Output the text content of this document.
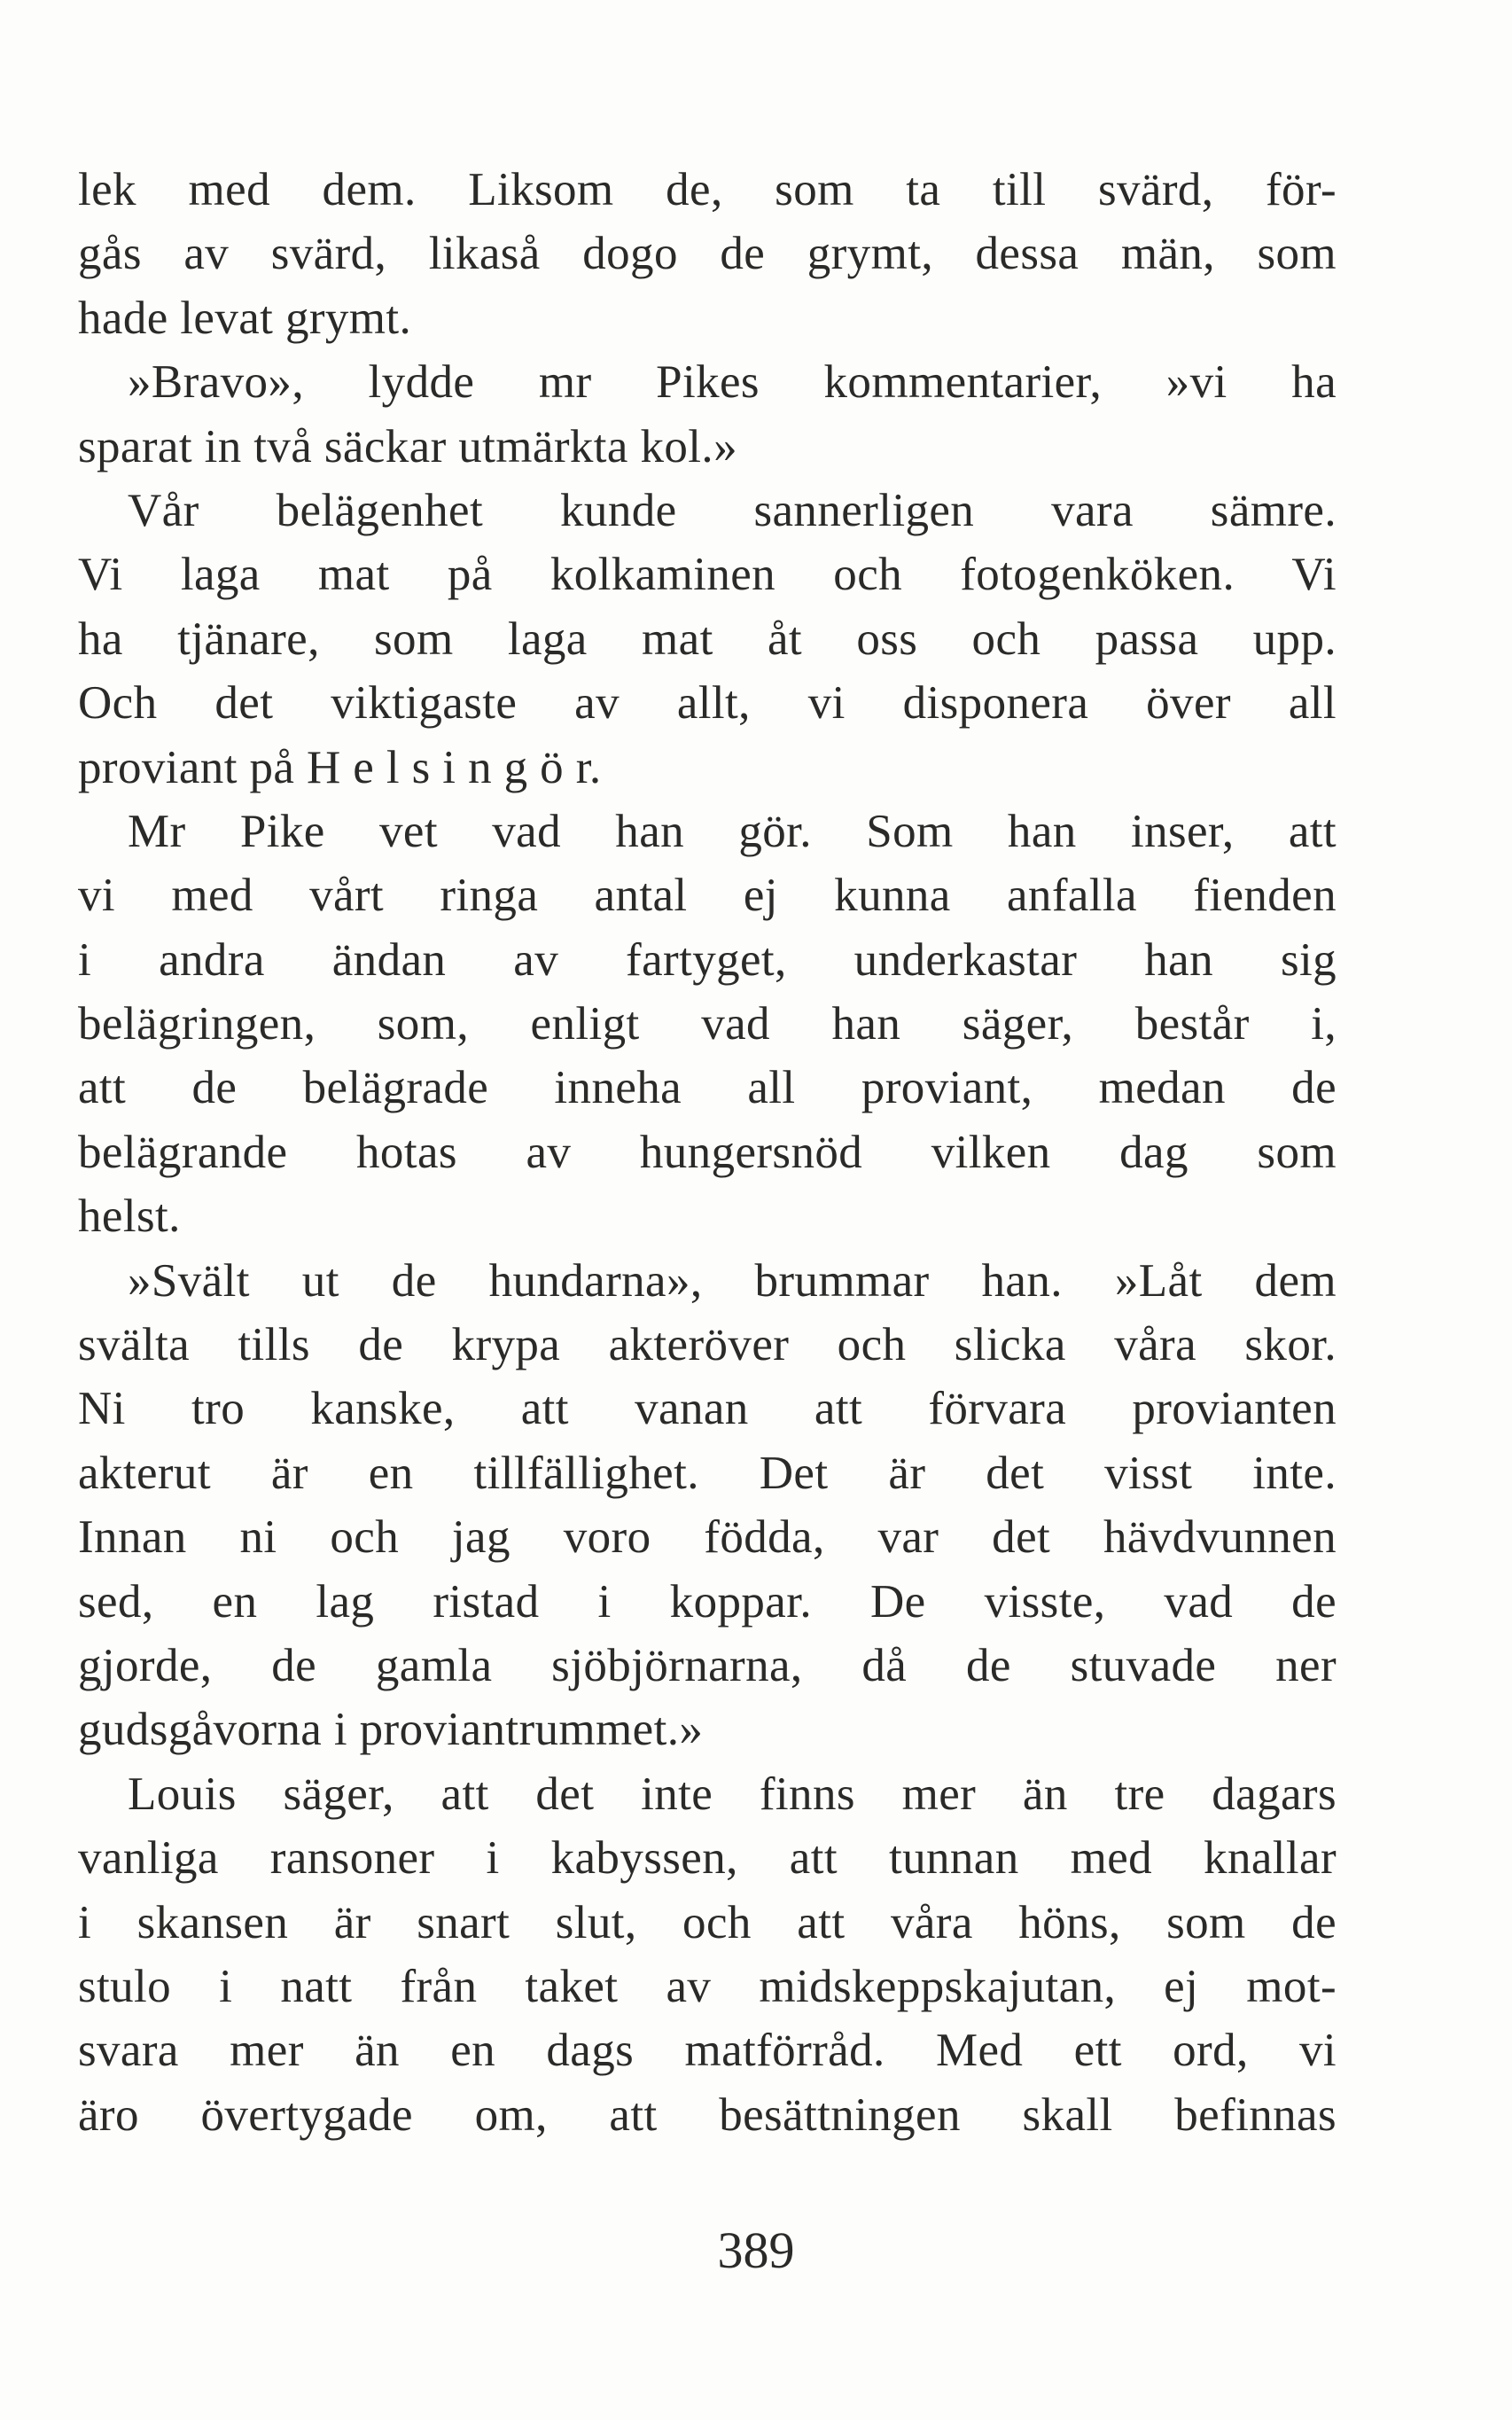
lek med dem. Liksom de, som ta till svärd, för-
gås av svärd, likaså dogo de grymt, dessa män, som
hade levat grymt.
»Bravo», lydde mr Pikes kommentarier, »vi ha
sparat in två säckar utmärkta kol.»
Vår belägenhet kunde sannerligen vara sämre.
Vi laga mat på kolkaminen och fotogenköken. Vi
ha tjänare, som laga mat åt oss och passa upp.
Och det viktigaste av allt, vi disponera över all
proviant på H e l s i n g ö r.
Mr Pike vet vad han gör. Som han inser, att
vi med vårt ringa antal ej kunna anfalla fienden
i andra ändan av fartyget, underkastar han sig
belägringen, som, enligt vad han säger, består i,
att de belägrade inneha all proviant, medan de
belägrande hotas av hungersnöd vilken dag som
helst.
»Svält ut de hundarna», brummar han. »Låt dem
svälta tills de krypa akteröver och slicka våra skor.
Ni tro kanske, att vanan att förvara provianten
akterut är en tillfällighet. Det är det visst inte.
Innan ni och jag voro födda, var det hävdvunnen
sed, en lag ristad i koppar. De visste, vad de
gjorde, de gamla sjöbjörnarna, då de stuvade ner
gudsgåvorna i proviantrummet.»
Louis säger, att det inte finns mer än tre dagars
vanliga ransoner i kabyssen, att tunnan med knallar
i skansen är snart slut, och att våra höns, som de
stulo i natt från taket av midskeppskajutan, ej mot-
svara mer än en dags matförråd. Med ett ord, vi
äro övertygade om, att besättningen skall befinnas
389
